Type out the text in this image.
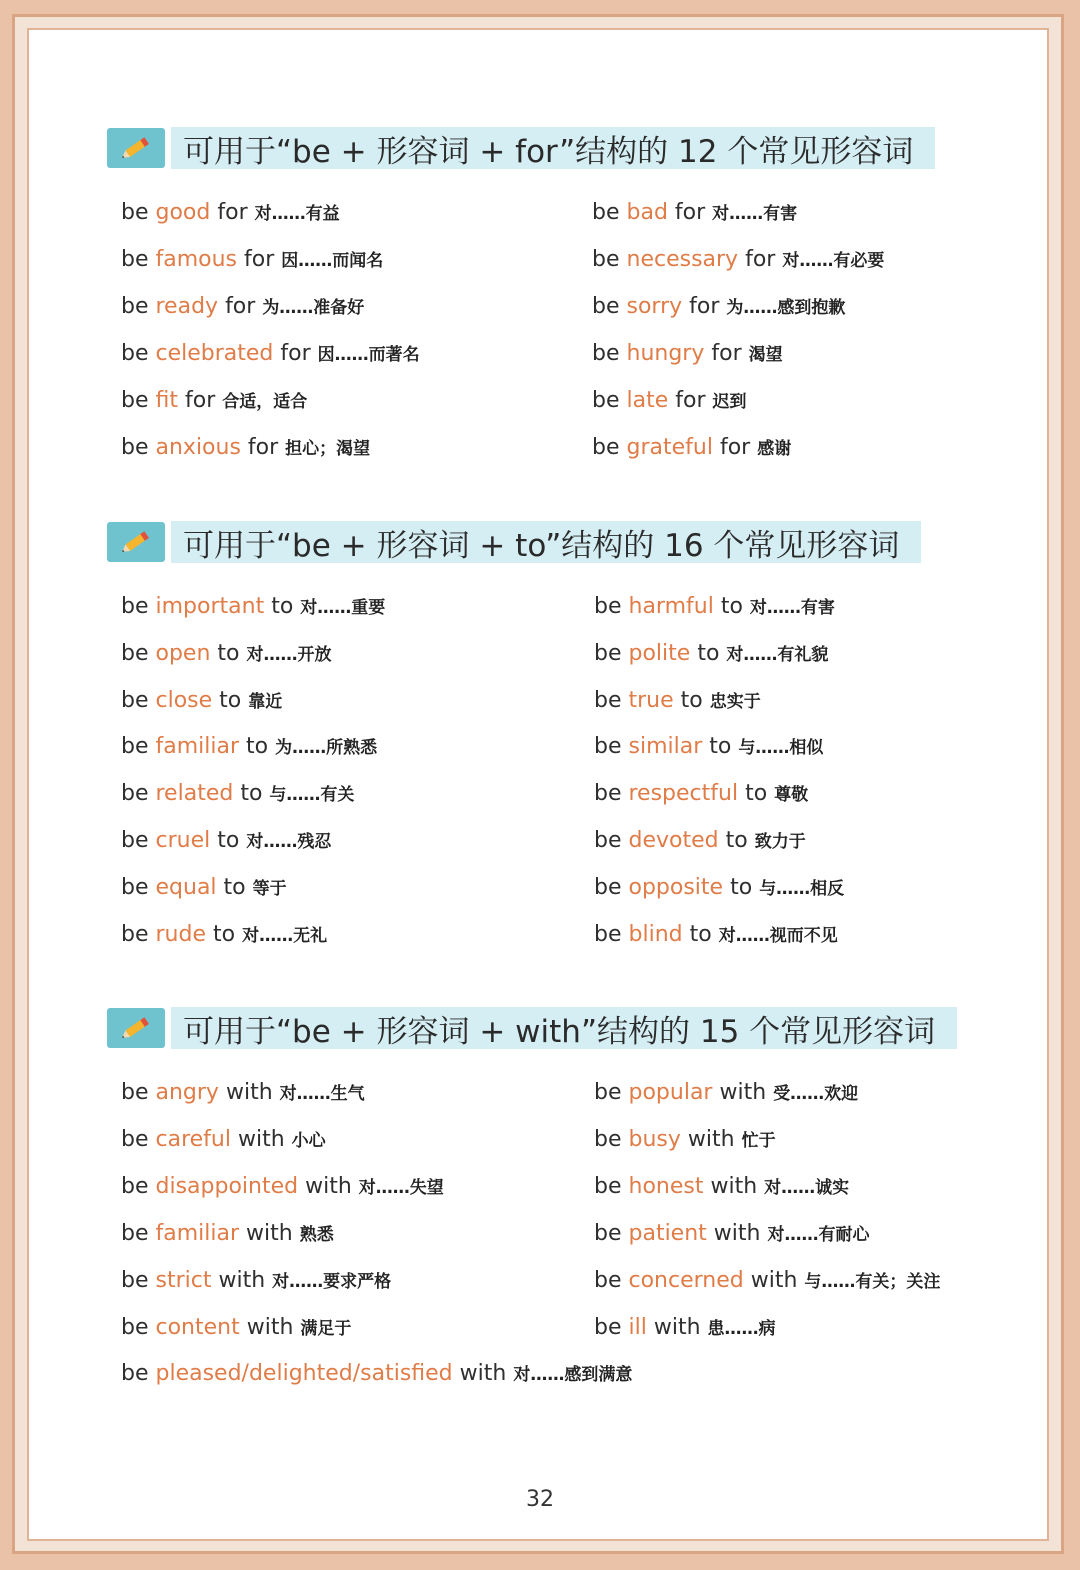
可用于“be + 形容词 + for”结构的 12 个常见形容词
可用于“be + 形容词 + to”结构的 16 个常见形容词
可用于“be + 形容词 + with”结构的 15 个常见形容词
be good for 对……有益	be bad for 对……有害
be famous for 因……而闻名	be necessary for 对……有必要
be ready for 为……准备好	be sorry for 为……感到抱歉
be celebrated for 因……而著名	be hungry for 渴望
be fit for 合适，适合	be late for 迟到
be anxious for 担心；渴望	be grateful for 感谢
be important to 对……重要	be harmful to 对……有害
be open to 对……开放	be polite to 对……有礼貌
be close to 靠近	be true to 忠实于
be familiar to 为……所熟悉	be similar to 与……相似
be related to 与……有关	be respectful to 尊敬
be cruel to 对……残忍	be devoted to 致力于
be equal to 等于	be opposite to 与……相反
be rude to 对……无礼	be blind to 对……视而不见
be angry with 对……生气	be popular with 受……欢迎
be careful with 小心	be busy with 忙于
be disappointed with 对……失望	be honest with 对……诚实
be familiar with 熟悉	be patient with 对……有耐心
be strict with 对……要求严格	be concerned with 与……有关；关注
be content with 满足于	be ill with 患……病
be pleased/delighted/satisfied with 对……感到满意
32
